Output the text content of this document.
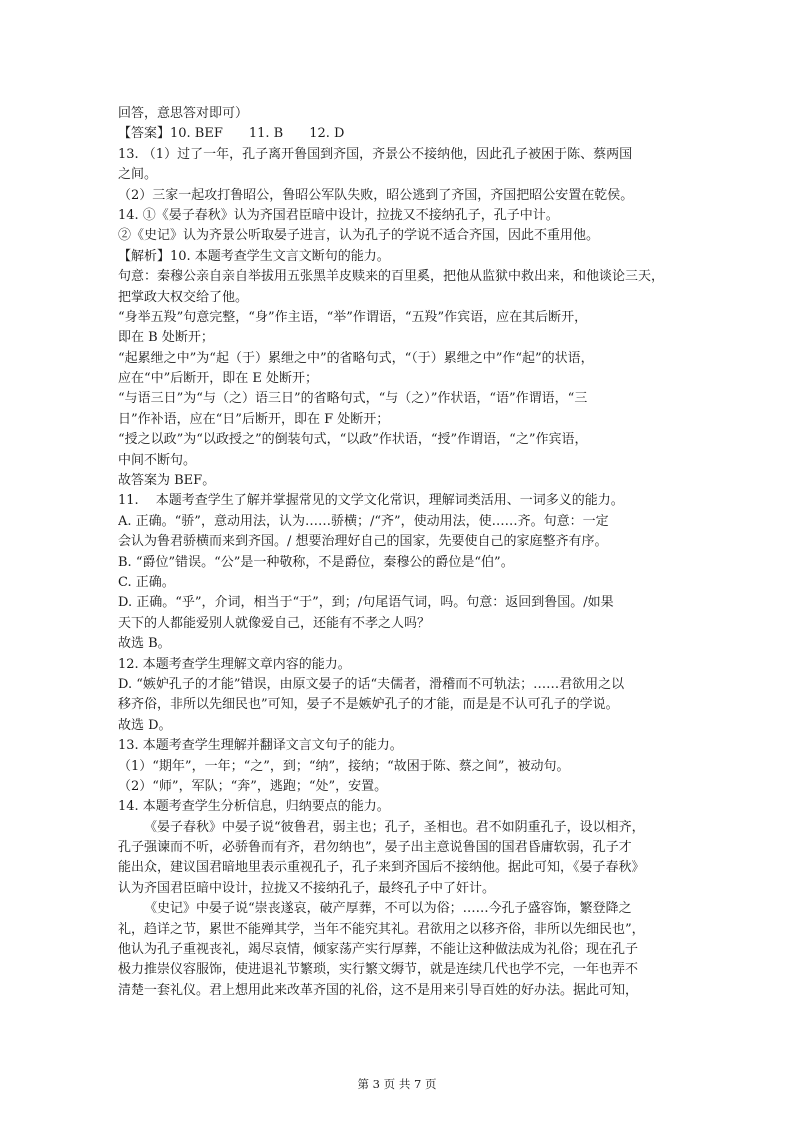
回答，意思答对即可）
【答案】10. BEF　　11. B　　12. D
13. （1）过了一年，孔子离开鲁国到齐国，齐景公不接纳他，因此孔子被困于陈、蔡两国
之间。
（2）三家一起攻打鲁昭公，鲁昭公军队失败，昭公逃到了齐国，齐国把昭公安置在乾侯。
14. ①《晏子春秋》认为齐国君臣暗中设计，拉拢又不接纳孔子，孔子中计。
②《史记》认为齐景公听取晏子进言，认为孔子的学说不适合齐国，因此不重用他。
【解析】10. 本题考查学生文言文断句的能力。
句意：秦穆公亲自亲自举拔用五张黑羊皮赎来的百里奚，把他从监狱中救出来，和他谈论三天，
把掌政大权交给了他。
“身举五羖”句意完整，“身”作主语，“举”作谓语，“五羖”作宾语，应在其后断开，
即在 B 处断开；
“起累绁之中”为“起（于）累绁之中”的省略句式，“（于）累绁之中”作“起”的状语，
应在“中”后断开，即在 E 处断开；
“与语三日”为“与（之）语三日”的省略句式，“与（之）”作状语，“语”作谓语，“三
日”作补语，应在“日”后断开，即在 F 处断开；
“授之以政”为“以政授之”的倒装句式，“以政”作状语，“授”作谓语，“之”作宾语，
中间不断句。
故答案为 BEF。
11. 　本题考查学生了解并掌握常见的文学文化常识，理解词类活用、一词多义的能力。
A. 正确。“骄”，意动用法，认为……骄横；/“齐”，使动用法，使……齐。句意：一定
会认为鲁君骄横而来到齐国。/ 想要治理好自己的国家，先要使自己的家庭整齐有序。
B. “爵位”错误。“公”是一种敬称，不是爵位，秦穆公的爵位是“伯”。
C. 正确。
D. 正确。“乎”，介词，相当于“于”，到；/句尾语气词，吗。句意：返回到鲁国。/如果
天下的人都能爱别人就像爱自己，还能有不孝之人吗？
故选 B。
12. 本题考查学生理解文章内容的能力。
D. “嫉妒孔子的才能”错误，由原文晏子的话“夫儒者，滑稽而不可轨法；……君欲用之以
移齐俗，非所以先细民也”可知，晏子不是嫉妒孔子的才能，而是是不认可孔子的学说。
故选 D。
13. 本题考查学生理解并翻译文言文句子的能力。
（1）“期年”，一年；“之”，到；“纳”，接纳；“故困于陈、蔡之间”，被动句。
（2）“师”，军队；“奔”，逃跑；“处”，安置。
14. 本题考查学生分析信息，归纳要点的能力。
《晏子春秋》中晏子说“彼鲁君，弱主也；孔子，圣相也。君不如阴重孔子，设以相齐，
孔子强谏而不听，必骄鲁而有齐，君勿纳也”，晏子出主意说鲁国的国君昏庸软弱，孔子才
能出众，建议国君暗地里表示重视孔子，孔子来到齐国后不接纳他。据此可知，《晏子春秋》
认为齐国君臣暗中设计，拉拢又不接纳孔子，最终孔子中了奸计。
《史记》中晏子说“崇丧遂哀，破产厚葬，不可以为俗；……今孔子盛容饰，繁登降之
礼，趋详之节，累世不能殚其学，当年不能究其礼。君欲用之以移齐俗，非所以先细民也”，
他认为孔子重视丧礼，竭尽哀情，倾家荡产实行厚葬，不能让这种做法成为礼俗；现在孔子
极力推崇仪容服饰，使进退礼节繁琐，实行繁文缛节，就是连续几代也学不完，一年也弄不
清楚一套礼仪。君上想用此来改革齐国的礼俗，这不是用来引导百姓的好办法。据此可知，
第 3 页 共 7 页
